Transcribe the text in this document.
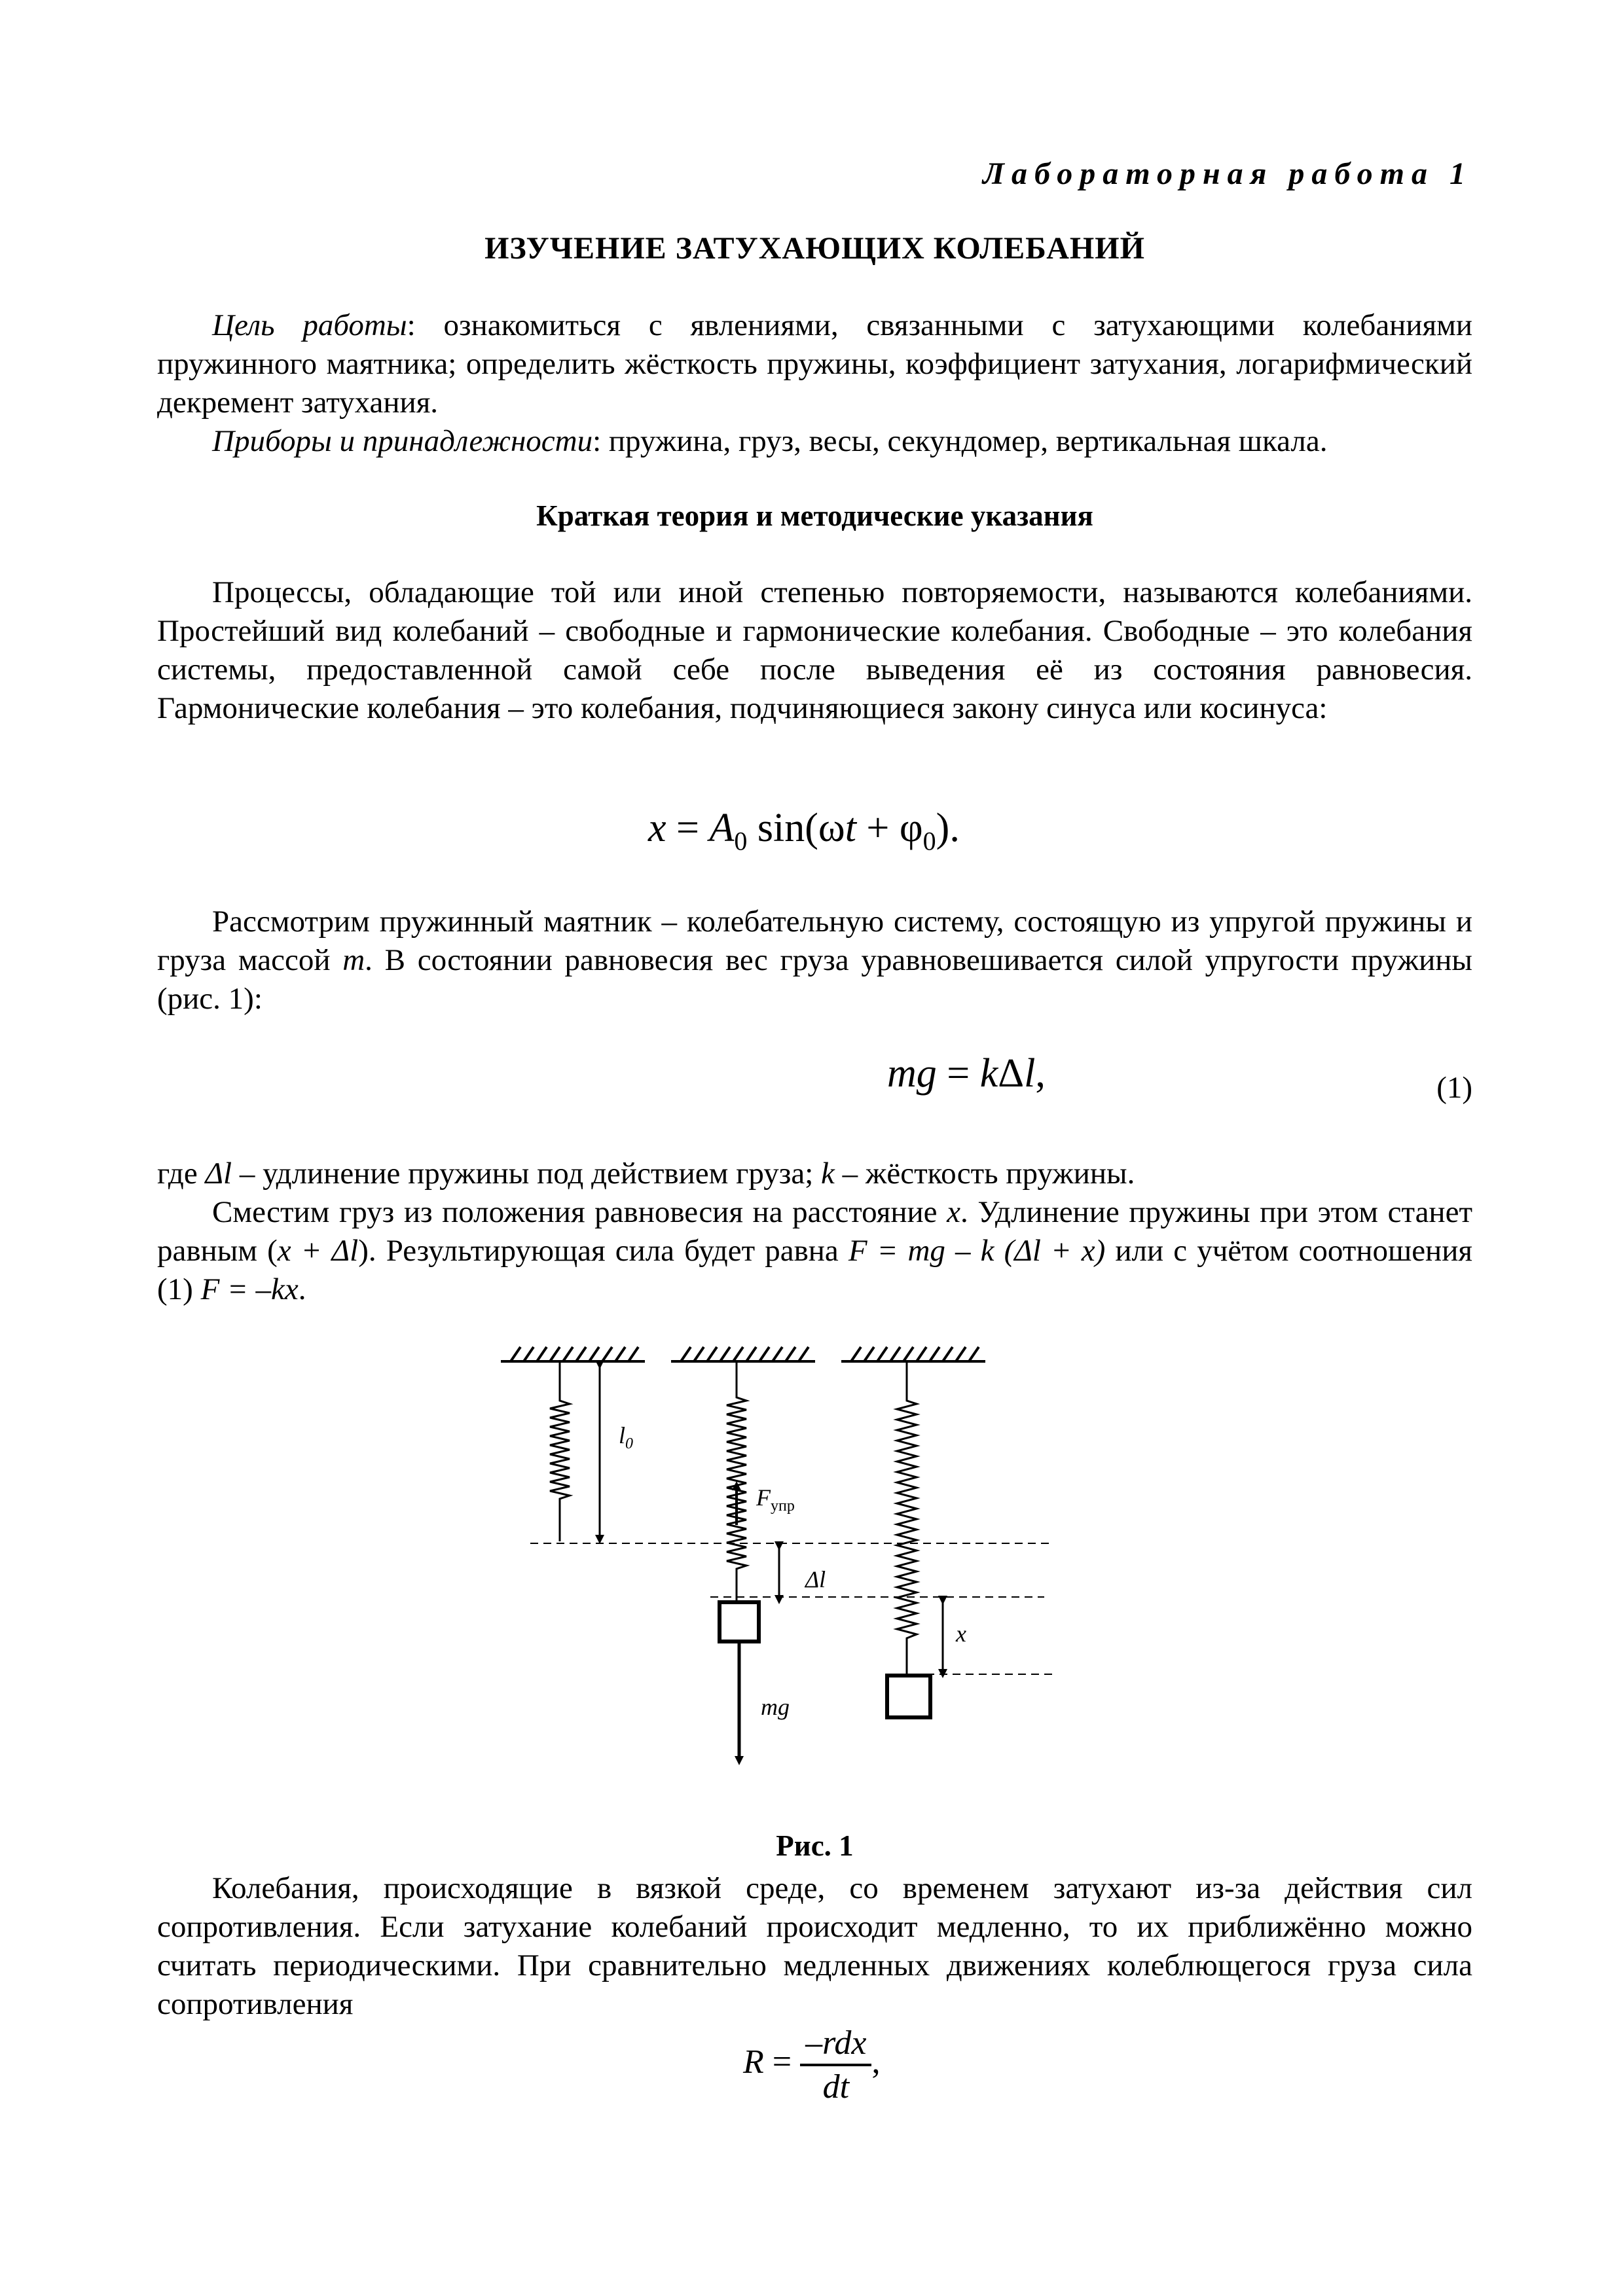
Лабораторная работа 1
ИЗУЧЕНИЕ ЗАТУХАЮЩИХ КОЛЕБАНИЙ
Цель работы: ознакомиться с явлениями, связанными с затухающими колебаниями пружинного маятника; определить жёсткость пружины, коэффициент затухания, логарифмический декремент затухания.
Приборы и принадлежности: пружина, груз, весы, секундомер, вертикальная шкала.
Краткая теория и методические указания
Процессы, обладающие той или иной степенью повторяемости, называются колебаниями. Простейший вид колебаний – свободные и гармонические колебания. Свободные – это колебания системы, предоставленной самой себе после выведения её из состояния равновесия. Гармонические колебания – это колебания, подчиняющиеся закону синуса или косинуса:
$x = A_0$ $\sin(\omega t + \varphi_0)$.
Рассмотрим пружинный маятник – колебательную систему, состоящую из упругой пружины и груза массой m. В состоянии равновесия вес груза уравновешивается силой упругости пружины (рис. 1):
mg = kΔl,	(1)
где Δl – удлинение пружины под действием груза; k – жёсткость пружины.
Сместим груз из положения равновесия на расстояние x. Удлинение пружины при этом станет равным (x + Δl). Результирующая сила будет равна F = mg – k (Δl + x) или с учётом соотношения (1) F = –kx.
$l_0$
$F_{упр}$
mg
Δl
x
Рис. 1
Колебания, происходящие в вязкой среде, со временем затухают из-за действия сил сопротивления. Если затухание колебаний происходит медленно, то их приближённо можно считать периодическими. При сравнительно медленных движениях колеблющегося груза сила сопротивления
$R = \frac{\text{–rdx}}{dt}$ ,
